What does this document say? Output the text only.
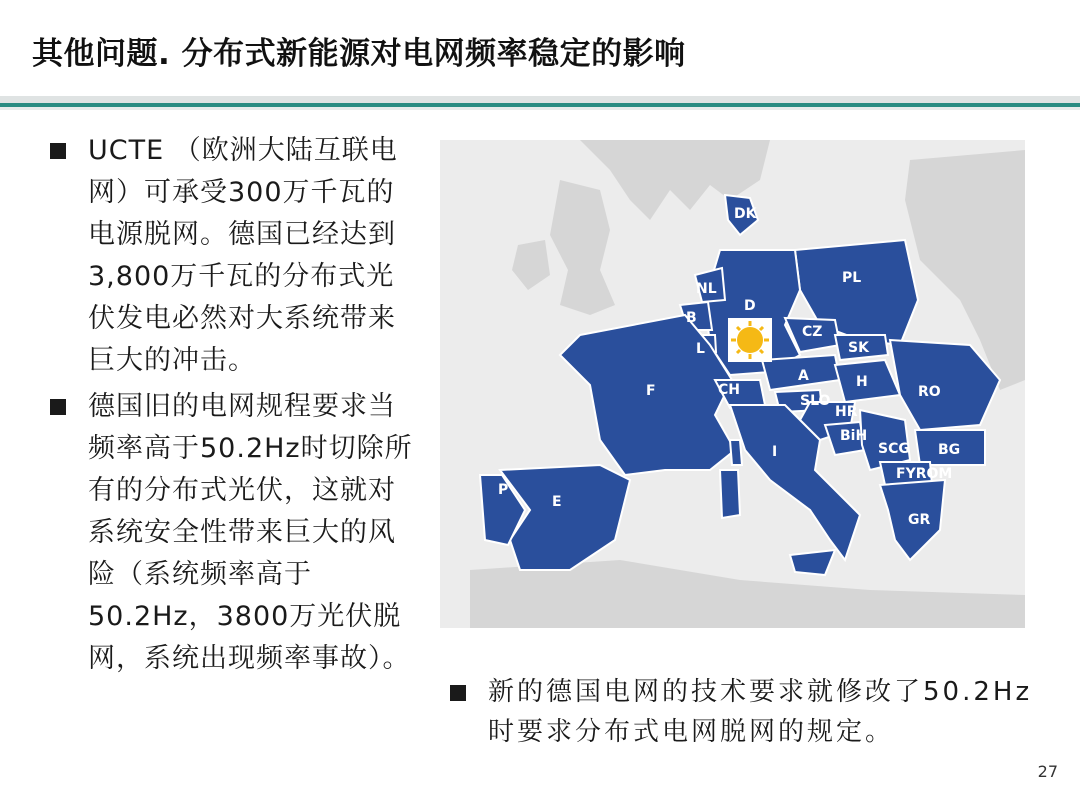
其他问题. 分布式新能源对电网频率稳定的影响
UCTE （欧洲大陆互联电网）可承受300万千瓦的电源脱网。德国已经达到3,800万千瓦的分布式光伏发电必然对大系统带来巨大的冲击。
德国旧的电网规程要求当频率高于50.2Hz时切除所有的分布式光伏，这就对系统安全性带来巨大的风险（系统频率高于50.2Hz，3800万光伏脱网，系统出现频率事故）。
DK
NL
B
L
D
PL
CZ
SK
A	H
RO
F	CH
SLO
HR
BiH
SCG BG
FYROM
I
P
E
GR
新的德国电网的技术要求就修改了50.2Hz时要求分布式电网脱网的规定。
27
